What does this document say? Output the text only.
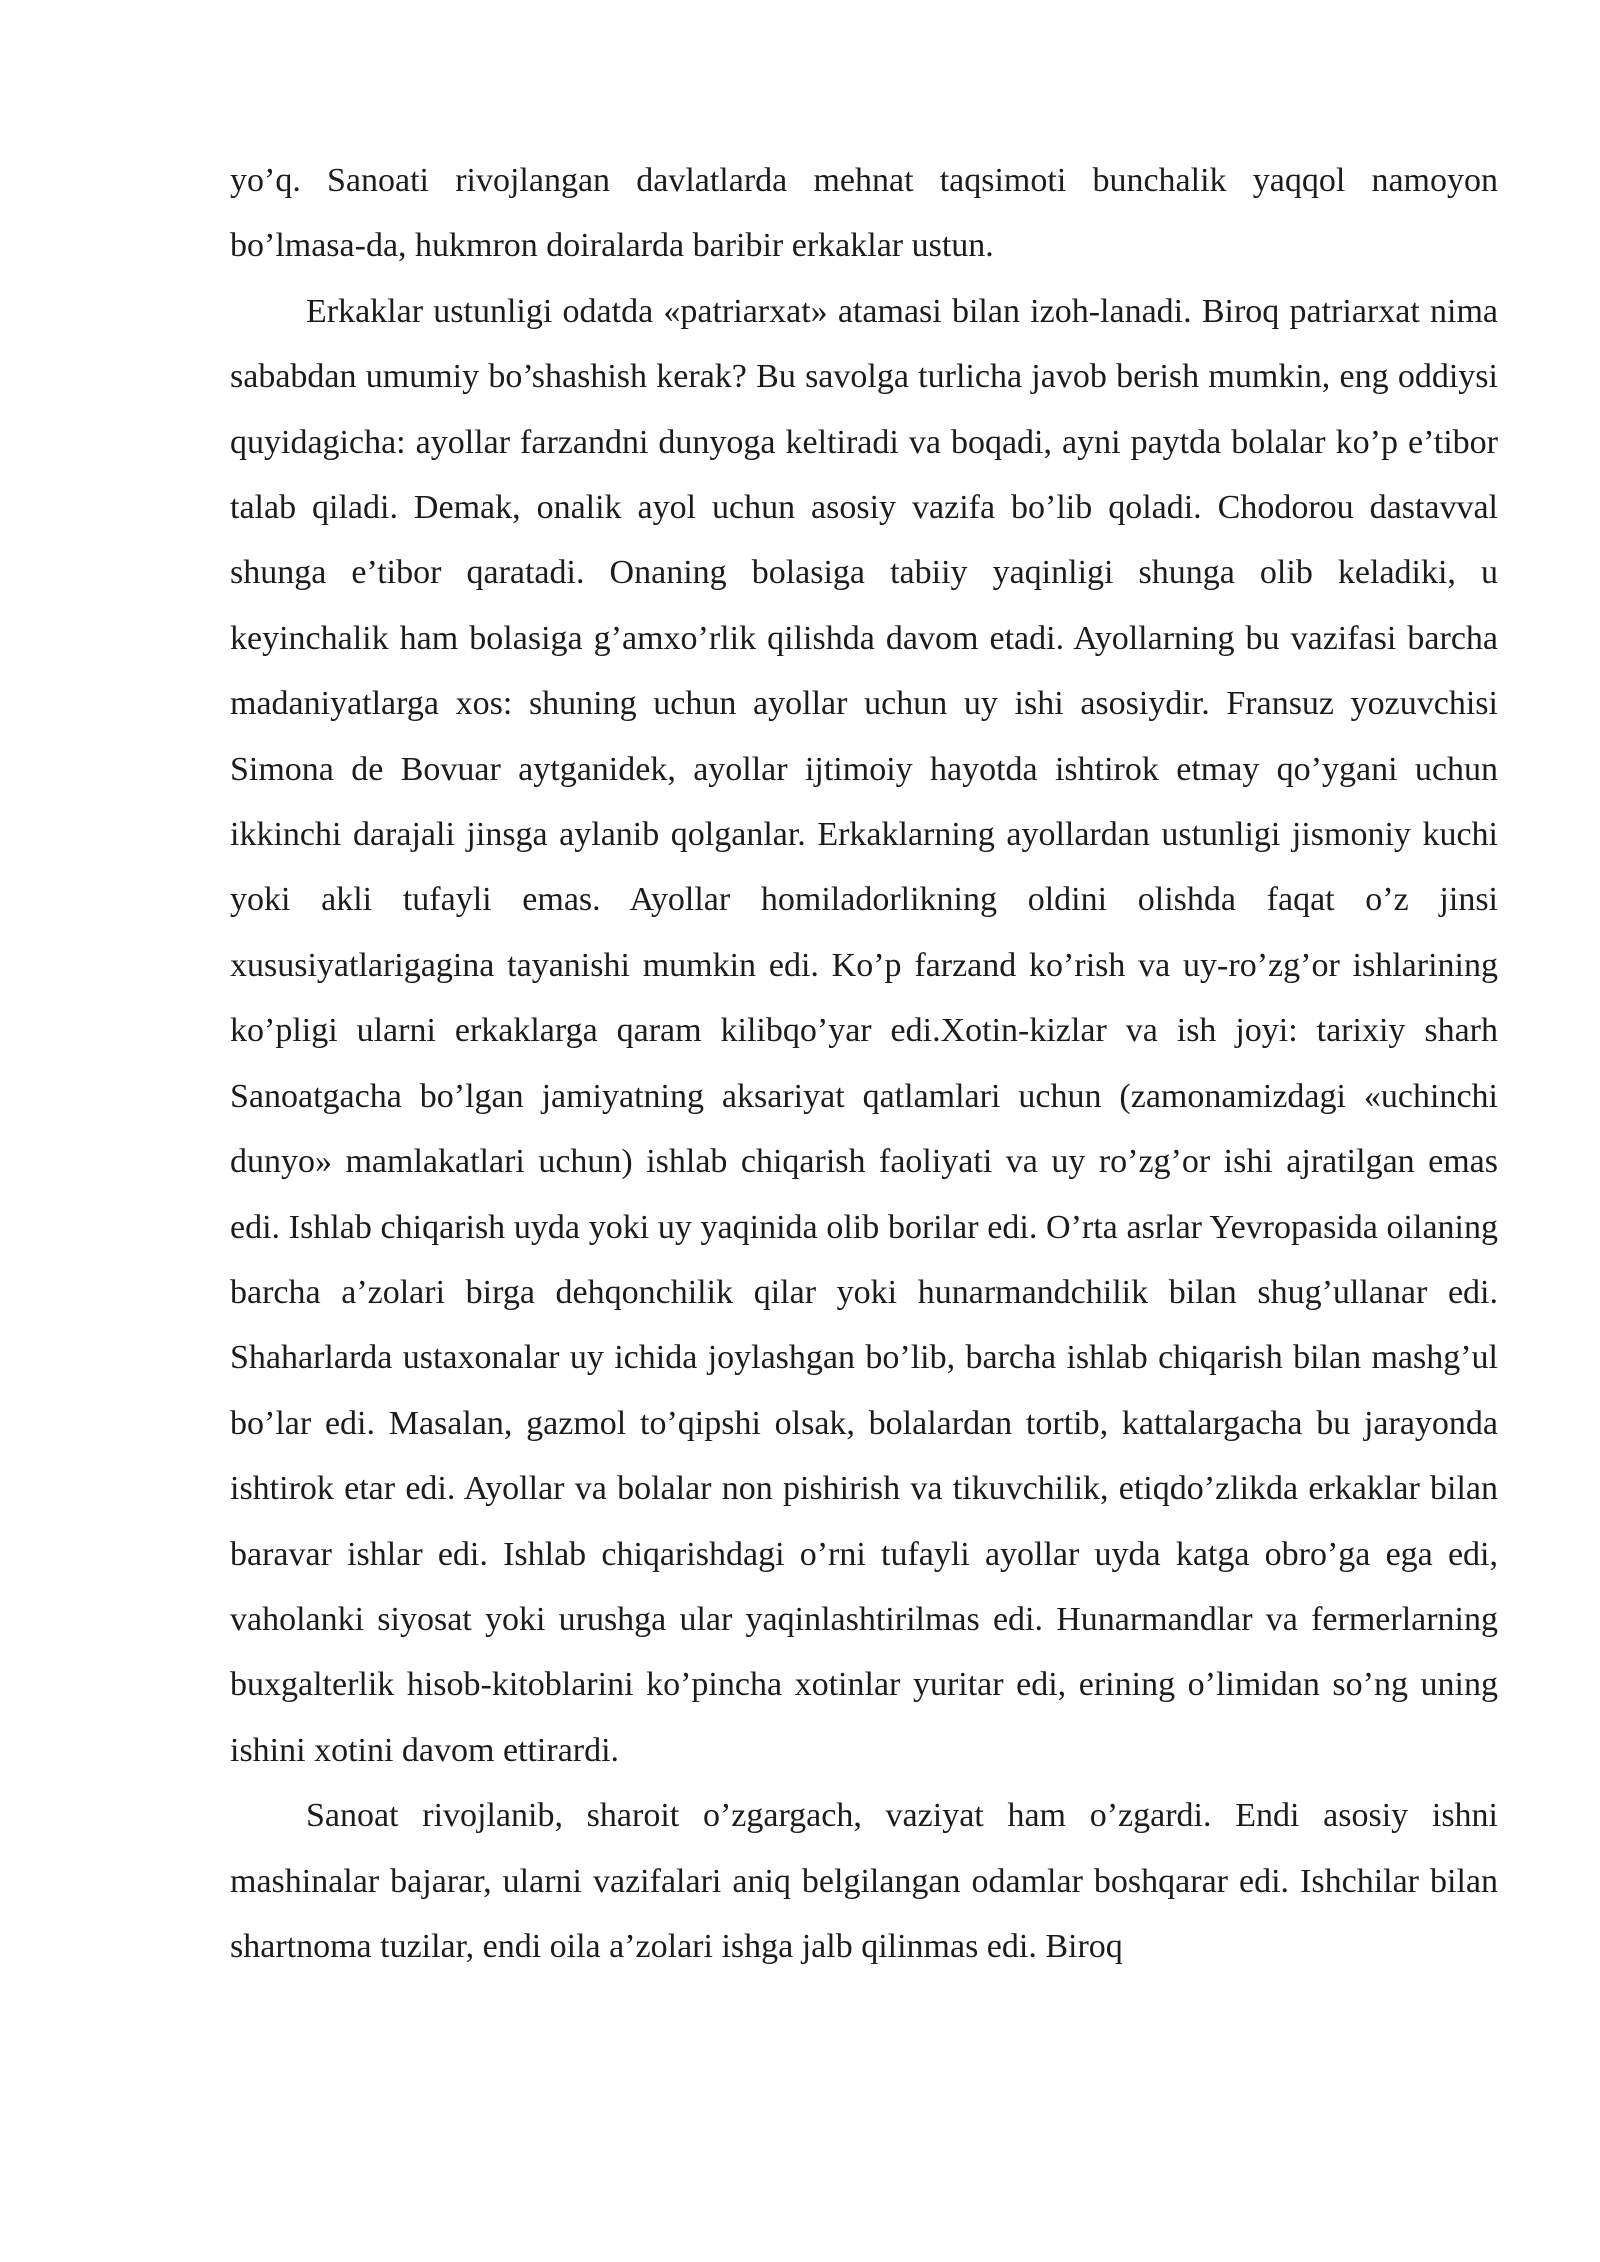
yo’q. Sanoati rivojlangan davlatlarda mehnat taqsimoti bunchalik yaqqol namoyon bo’lmasa-da, hukmron doiralarda baribir erkaklar ustun.

Erkaklar ustunligi odatda «patriarxat» atamasi bilan izoh-lanadi. Biroq patriarxat nima sababdan umumiy bo’shashish kerak? Bu savolga turlicha javob berish mumkin, eng oddiysi quyidagicha: ayollar farzandni dunyoga keltiradi va boqadi, ayni paytda bolalar ko’p e’tibor talab qiladi. Demak, onalik ayol uchun asosiy vazifa bo’lib qoladi. Chodorou dastavval shunga e’tibor qaratadi. Onaning bolasiga tabiiy yaqinligi shunga olib keladiki, u keyinchalik ham bolasiga g’amxo’rlik qilishda davom etadi. Ayollarning bu vazifasi barcha madaniyatlarga xos: shuning uchun ayollar uchun uy ishi asosiydir. Fransuz yozuvchisi Simona de Bovuar aytganidek, ayollar ijtimoiy hayotda ishtirok etmay qo’ygani uchun ikkinchi darajali jinsga aylanib qolganlar. Erkaklarning ayollardan ustunligi jismoniy kuchi yoki akli tufayli emas. Ayollar homiladorlikning oldini olishda faqat o’z jinsi xususiyatlarigagina tayanishi mumkin edi. Ko’p farzand ko’rish va uy-ro’zg’or ishlarining ko’pligi ularni erkaklarga qaram kilibqo’yar edi.Xotin-kizlar va ish joyi: tarixiy sharh Sanoatgacha bo’lgan jamiyatning aksariyat qatlamlari uchun (zamonamizdagi «uchinchi dunyo» mamlakatlari uchun) ishlab chiqarish faoliyati va uy ro’zg’or ishi ajratilgan emas edi. Ishlab chiqarish uyda yoki uy yaqinida olib borilar edi. O’rta asrlar Yevropasida oilaning barcha a’zolari birga dehqonchilik qilar yoki hunarmandchilik bilan shug’ullanar edi. Shaharlarda ustaxonalar uy ichida joylashgan bo’lib, barcha ishlab chiqarish bilan mashg’ul bo’lar edi. Masalan, gazmol to’qipshi olsak, bolalardan tortib, kattalargacha bu jarayonda ishtirok etar edi. Ayollar va bolalar non pishirish va tikuvchilik, etiqdo’zlikda erkaklar bilan baravar ishlar edi. Ishlab chiqarishdagi o’rni tufayli ayollar uyda katga obro’ga ega edi, vaholanki siyosat yoki urushga ular yaqinlashtirilmas edi. Hunarmandlar va fermerlarning buxgalterlik hisob-kitoblarini ko’pincha xotinlar yuritar edi, erining o’limidan so’ng uning ishini xotini davom ettirardi.

Sanoat rivojlanib, sharoit o’zgargach, vaziyat ham o’zgardi. Endi asosiy ishni mashinalar bajarar, ularni vazifalari aniq belgilangan odamlar boshqarar edi. Ishchilar bilan shartnoma tuzilar, endi oila a’zolari ishga jalb qilinmas edi. Biroq
